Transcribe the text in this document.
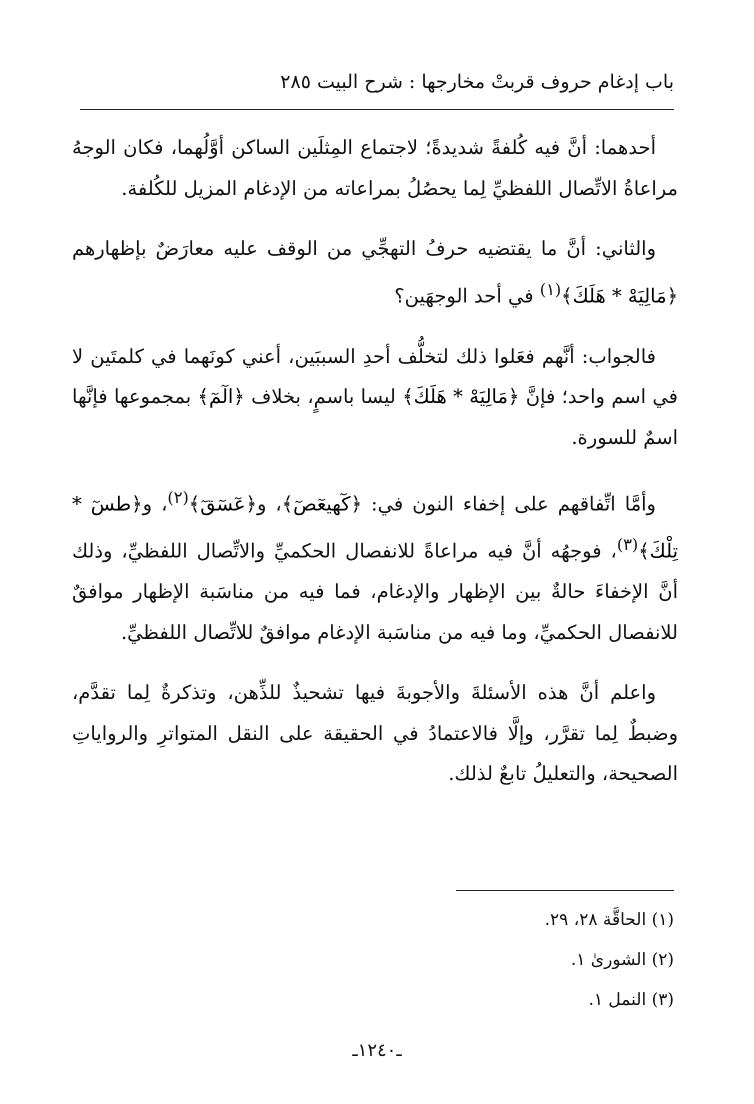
باب إدغام حروف قربتْ مخارجها : شرح البيت ٢٨٥

أحدهما: أنَّ فيه كُلفةً شديدةً؛ لاجتماع المِثلَين الساكن أوَّلُهما، فكان الوجهُ مراعاةُ الاتِّصال اللفظيِّ لِما يحصُلُ بمراعاته من الإدغام المزيل للكُلفة.

والثاني: أنَّ ما يقتضيه حرفُ التهجِّي من الوقف عليه معارَضٌ بإظهارهم ﴿مَالِيَهْ * هَلَكَ﴾$^{(١)}$ في أحد الوجهَين؟

فالجواب: أنَّهم فعَلوا ذلك لتخلُّف أحدِ السببَين، أعني كونَهما في كلمتَين لا في اسم واحد؛ فإنَّ ﴿مَالِيَهْ * هَلَكَ﴾ ليسا باسمٍ، بخلاف ﴿الٓمٓ﴾ بمجموعها فإنَّها اسمٌ للسورة.

وأمَّا اتِّفاقهم على إخفاء النون في: ﴿كٓهيعٓصٓ﴾، و﴿عٓسٓقٓ﴾$^{(٢)}$، و﴿طسٓ * تِلْكَ﴾$^{(٣)}$، فوجهُه أنَّ فيه مراعاةً للانفصال الحكميِّ والاتِّصال اللفظيِّ، وذلك أنَّ الإخفاءَ حالةٌ بين الإظهار والإدغام، فما فيه من مناسَبة الإظهار موافقٌ للانفصال الحكميِّ، وما فيه من مناسَبة الإدغام موافقٌ للاتِّصال اللفظيِّ.

واعلم أنَّ هذه الأسئلةَ والأجوبةَ فيها تشحيذٌ للذِّهن، وتذكرةٌ لِما تقدَّم، وضبطٌ لِما تقرَّر، وإلَّا فالاعتمادُ في الحقيقة على النقل المتواترِ والرواياتِ الصحيحة، والتعليلُ تابعٌ لذلك.

(١) الحاقَّة ٢٨، ٢٩.
(٢) الشورىٰ ١.
(٣) النمل ١.
ـ١٢٤٠ـ
